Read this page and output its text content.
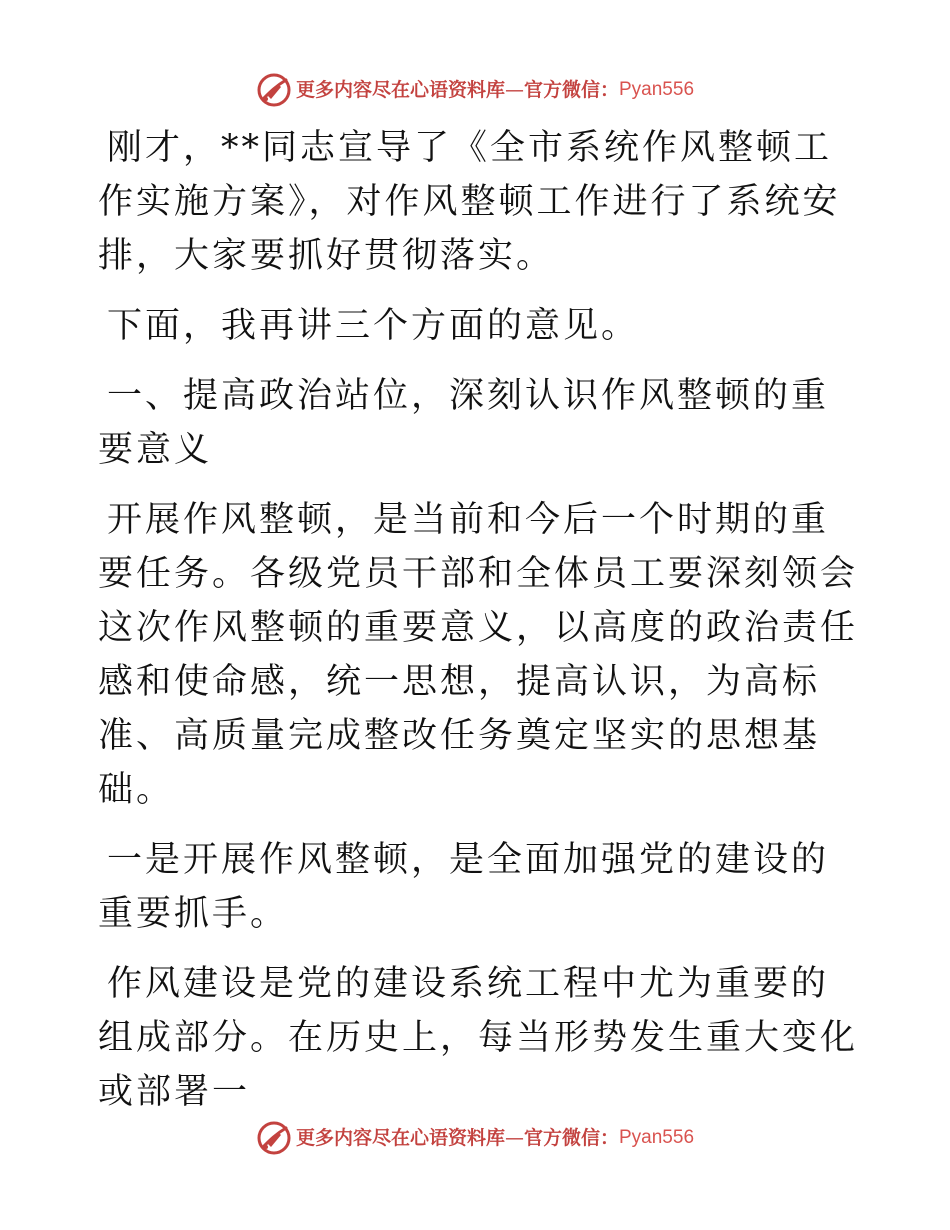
更多内容尽在心语资料库 — 官方微信： Pyan556

刚才，**同志宣导了《全市系统作风整顿工作实施方案》，对作风整顿工作进行了系统安排，大家要抓好贯彻落实。

下面，我再讲三个方面的意见。

一、提高政治站位，深刻认识作风整顿的重要意义

开展作风整顿，是当前和今后一个时期的重要任务。各级党员干部和全体员工要深刻领会这次作风整顿的重要意义，以高度的政治责任感和使命感，统一思想，提高认识，为高标准、高质量完成整改任务奠定坚实的思想基础。

一是开展作风整顿，是全面加强党的建设的重要抓手。

作风建设是党的建设系统工程中尤为重要的组成部分。在历史上，每当形势发生重大变化或部署一

更多内容尽在心语资料库 — 官方微信： Pyan556
